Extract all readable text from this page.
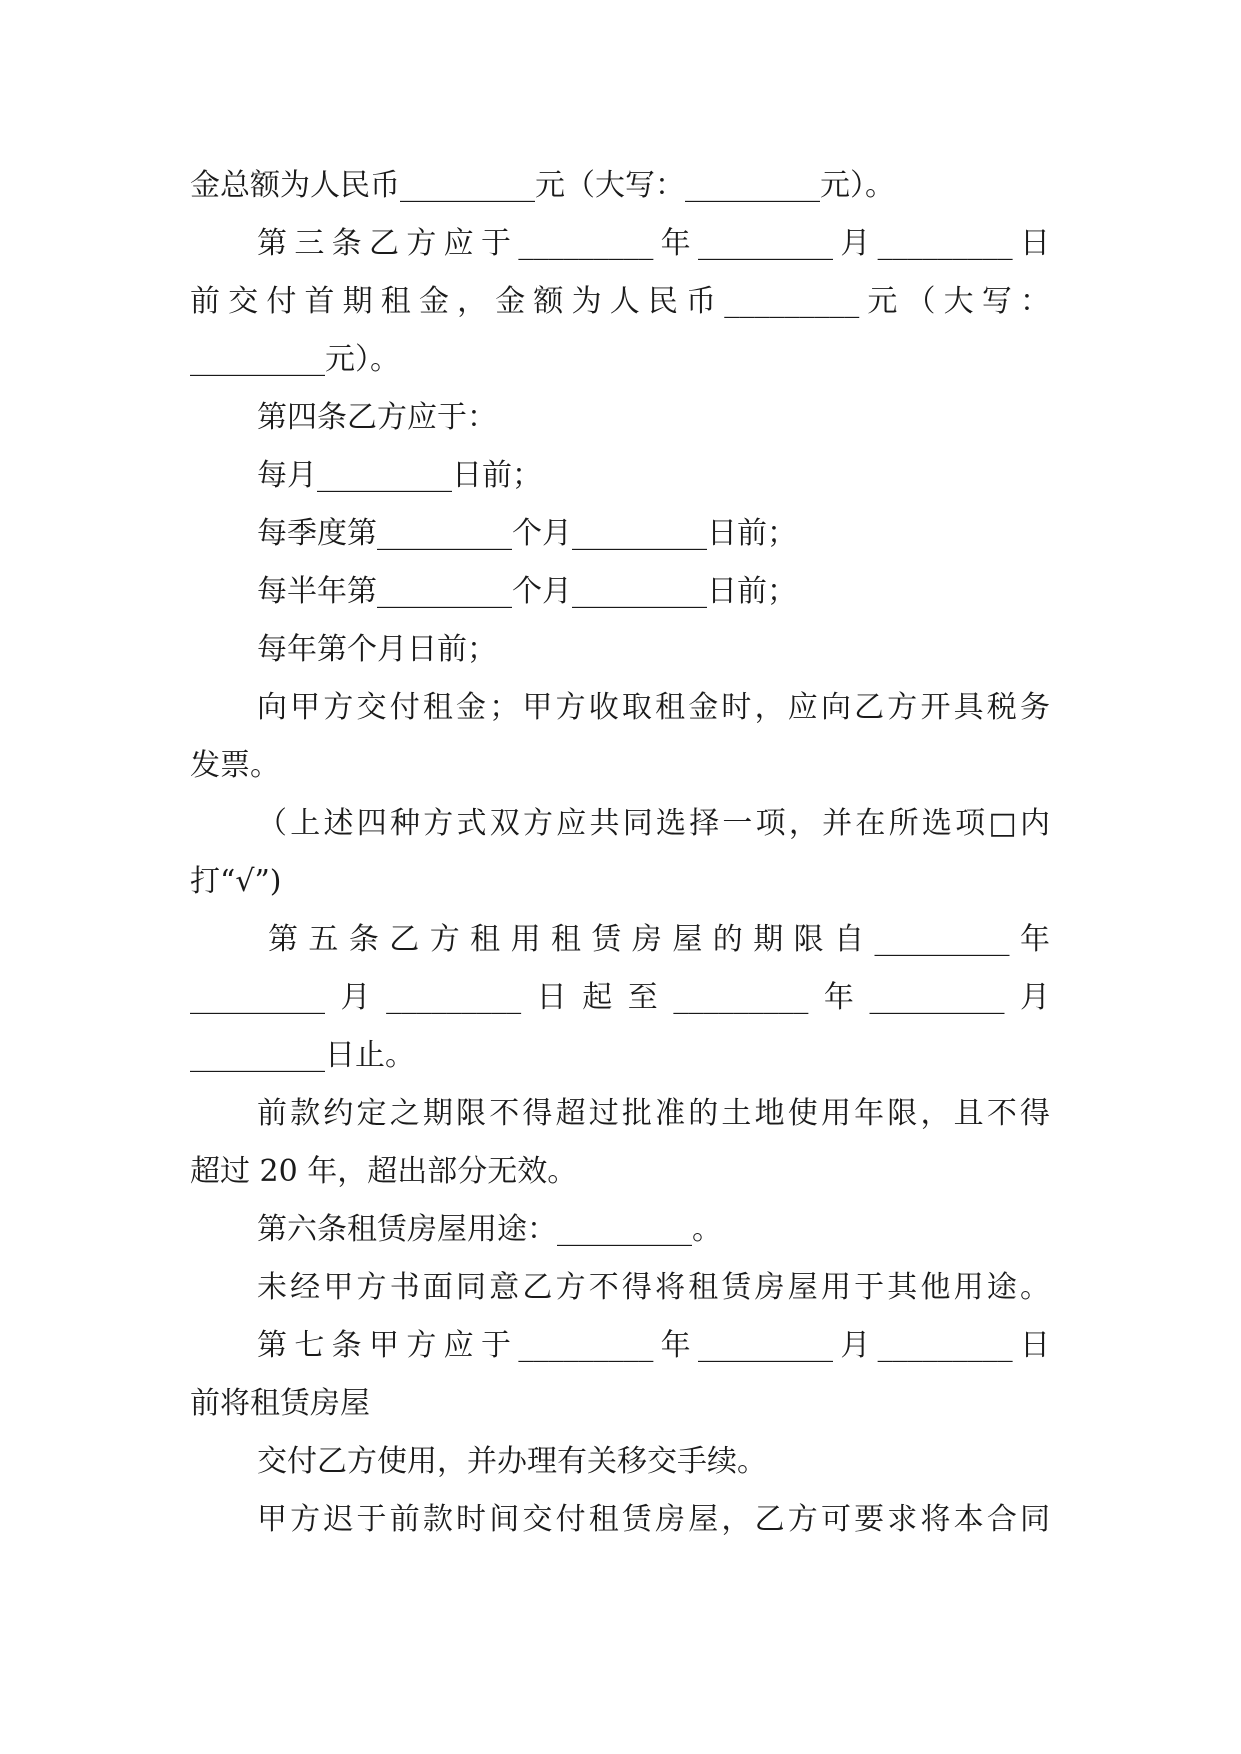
金总额为人民币_________元（大写：_________元）。
第三条乙方应于_________年_________月_________日
前交付首期租金，金额为人民币_________元（大写：
_________元）。
第四条乙方应于：
每月_________日前；
每季度第_________个月_________日前；
每半年第_________个月_________日前；
每年第个月日前；
向甲方交付租金；甲方收取租金时，应向乙方开具税务
发票。
（上述四种方式双方应共同选择一项，并在所选项□内
打“√”)
第五条乙方租用租赁房屋的期限自_________年
_________月_________日起至_________年_________月
_________日止。
前款约定之期限不得超过批准的土地使用年限，且不得
超过 20 年，超出部分无效。
第六条租赁房屋用途：_________。
未经甲方书面同意乙方不得将租赁房屋用于其他用途。
第七条甲方应于_________年_________月_________日
前将租赁房屋
交付乙方使用，并办理有关移交手续。
甲方迟于前款时间交付租赁房屋，乙方可要求将本合同
